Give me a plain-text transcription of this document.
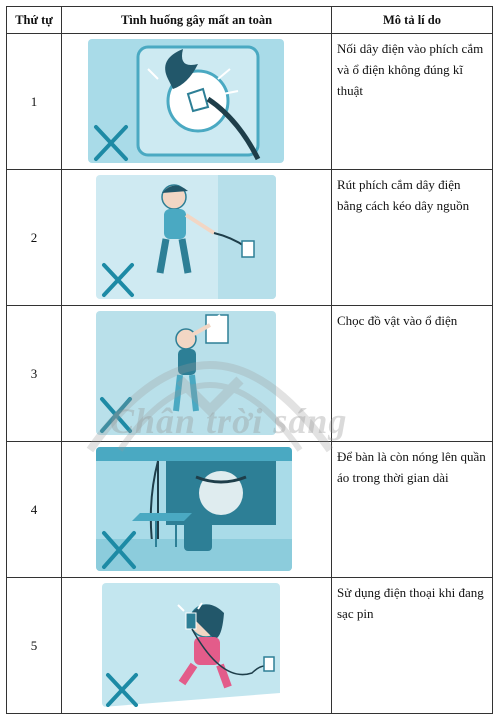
Thứ tự	Tình huống gây mất an toàn	Mô tả lí do
1		Nối dây điện vào phích cắm và ổ điện không đúng kĩ thuật
2		Rút phích cắm dây điện bằng cách kéo dây nguồn
3		Chọc đồ vật vào ổ điện
4		Để bàn là còn nóng lên quần áo trong thời gian dài
5		Sử dụng điện thoại khi đang sạc pin
Chân trời sáng
